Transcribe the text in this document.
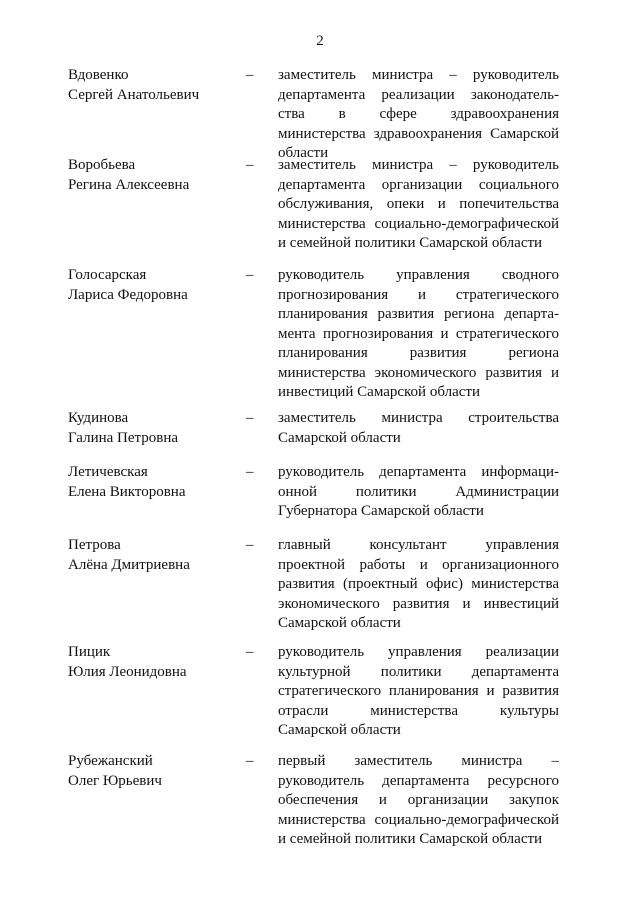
2
Вдовенко
Сергей Анатольевич
–	заместитель министра – руководитель
департамента реализации законодатель-
ства в сфере здравоохранения
министерства здравоохранения Самарской
области
Воробьева
Регина Алексеевна
–	заместитель министра – руководитель
департамента организации социального
обслуживания, опеки и попечительства
министерства социально-демографической
и семейной политики Самарской области
Голосарская
Лариса Федоровна
–	руководитель управления сводного
прогнозирования и стратегического
планирования развития региона департа-
мента прогнозирования и стратегического
планирования развития региона
министерства экономического развития и
инвестиций Самарской области
Кудинова
Галина Петровна
–	заместитель министра строительства
Самарской области
Летичевская
Елена Викторовна
–	руководитель департамента информаци-
онной политики Администрации
Губернатора Самарской области
Петрова
Алёна Дмитриевна
–	главный консультант управления
проектной работы и организационного
развития (проектный офис) министерства
экономического развития и инвестиций
Самарской области
Пицик
Юлия Леонидовна
–	руководитель управления реализации
культурной политики департамента
стратегического планирования и развития
отрасли министерства культуры
Самарской области
Рубежанский
Олег Юрьевич
–	первый заместитель министра –
руководитель департамента ресурсного
обеспечения и организации закупок
министерства социально-демографической
и семейной политики Самарской области
